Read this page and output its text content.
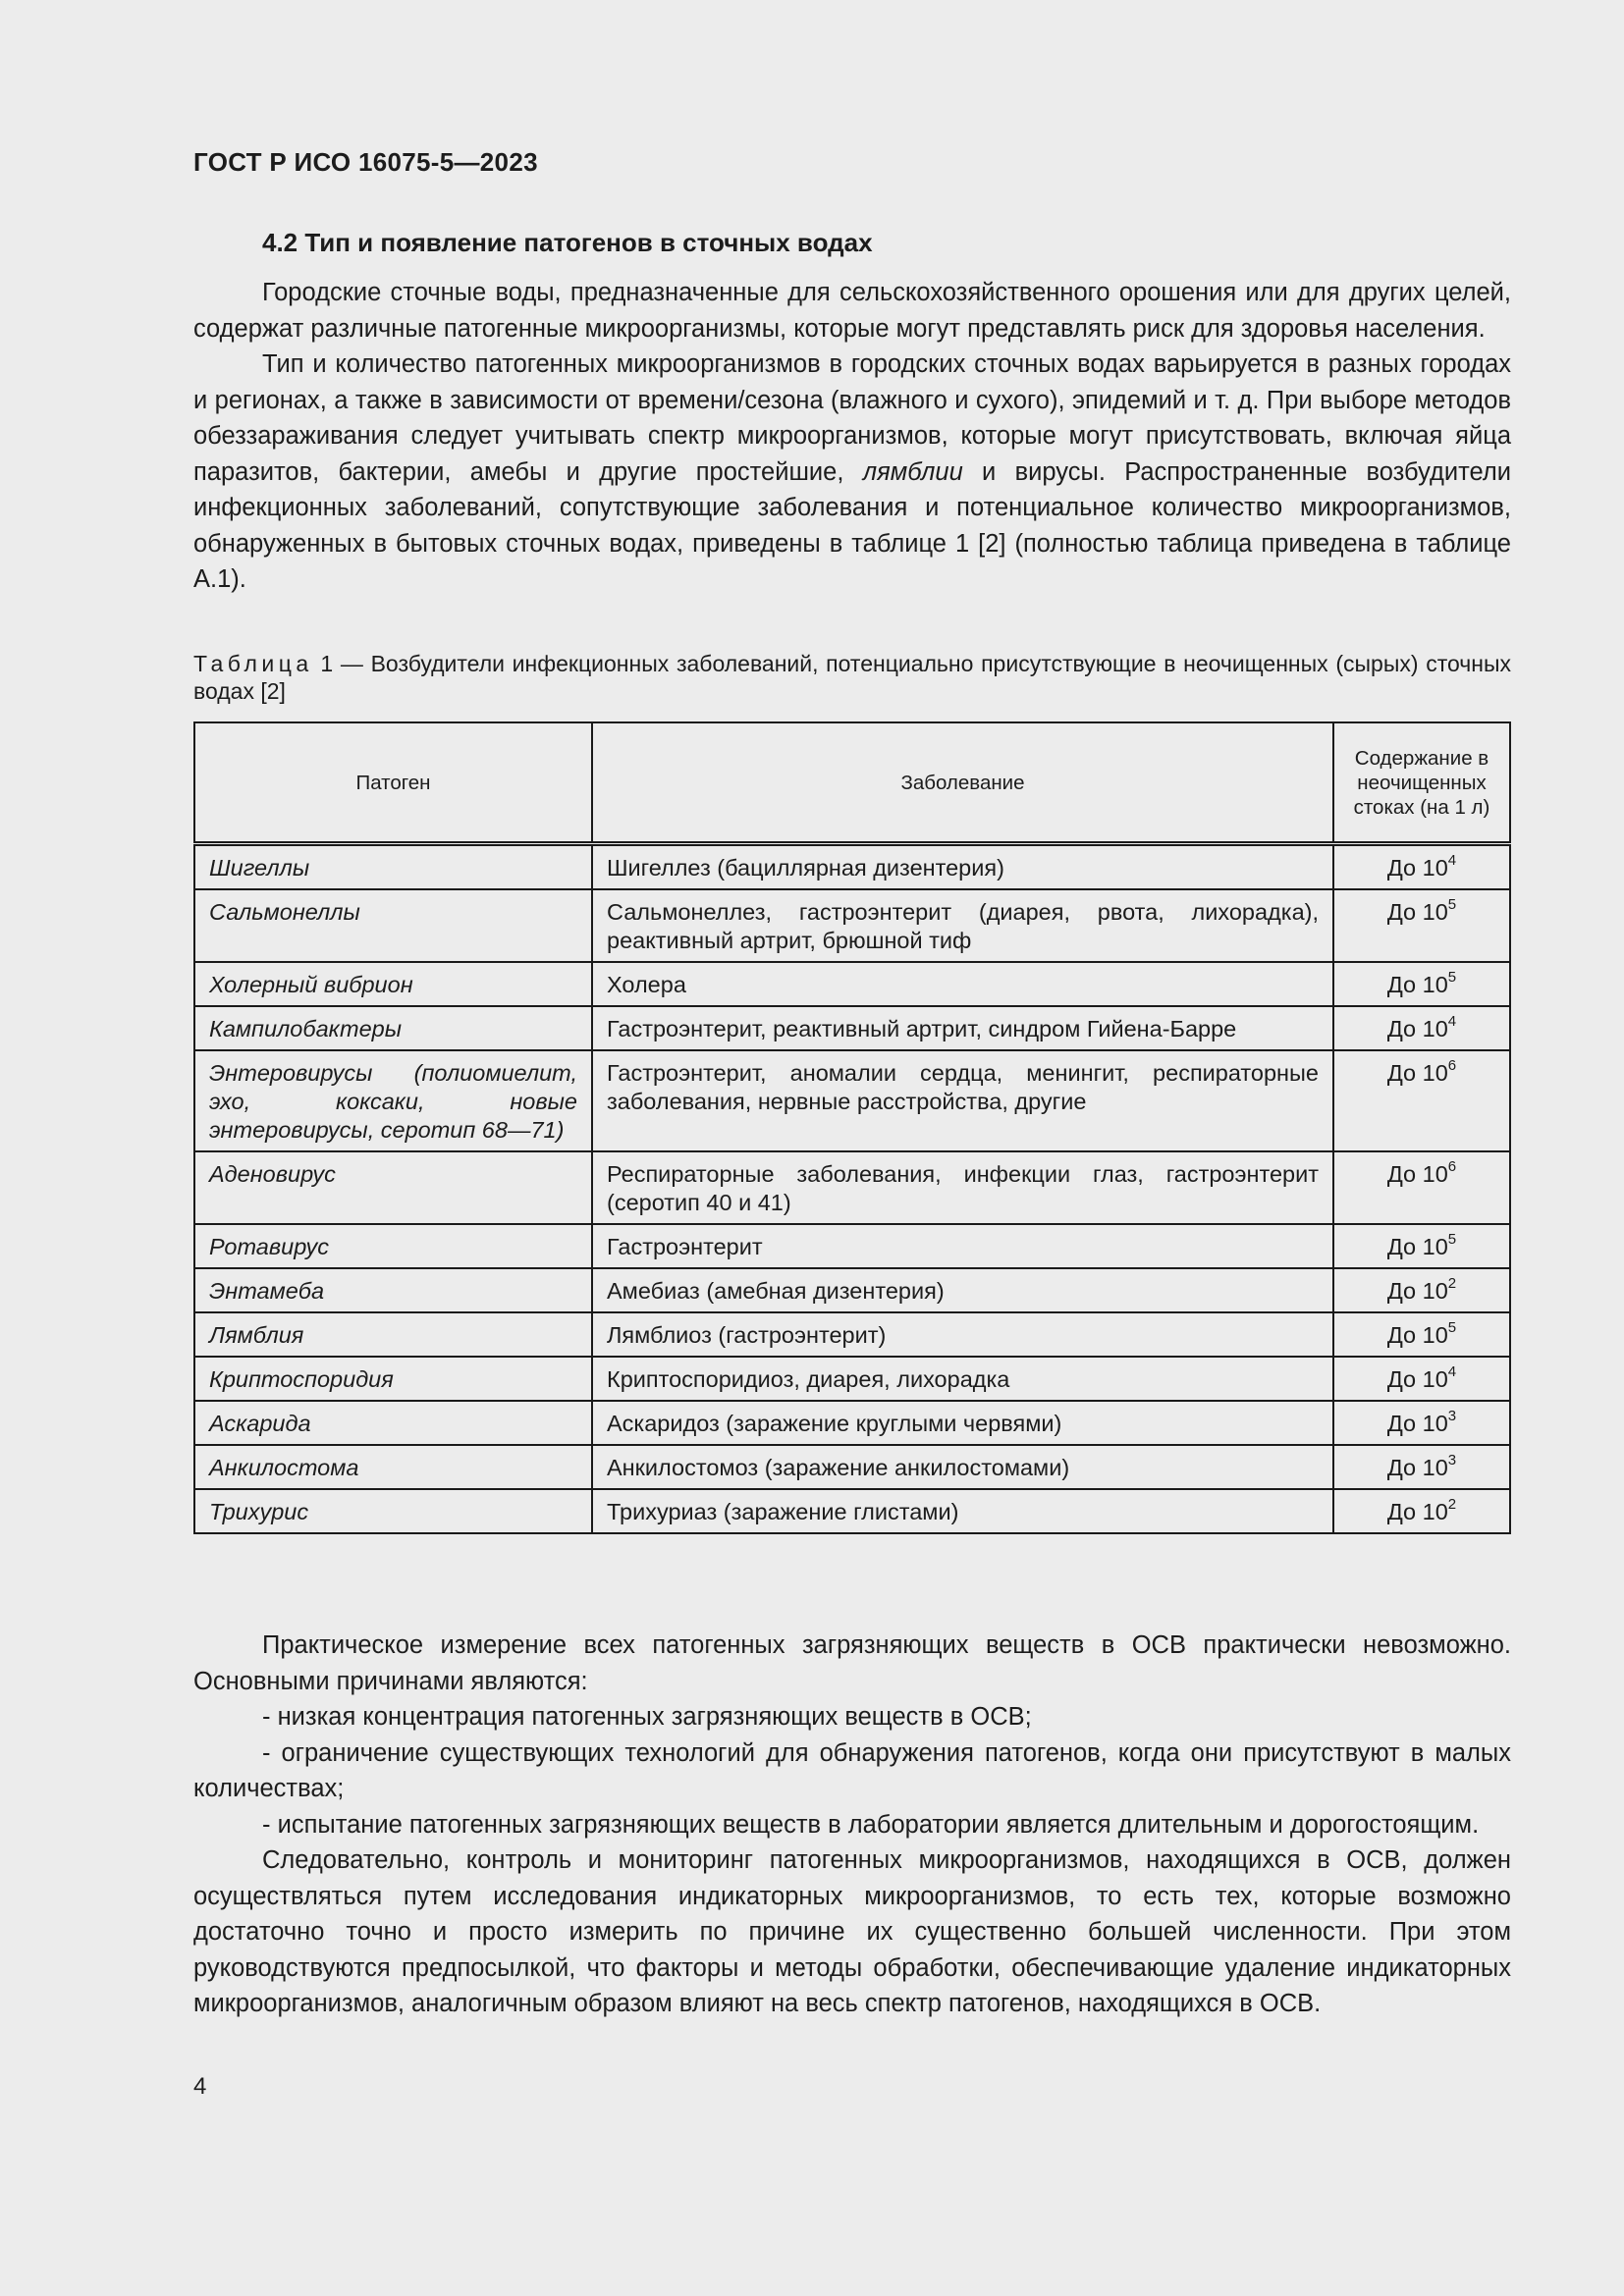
ГОСТ Р ИСО 16075-5—2023
4.2 Тип и появление патогенов в сточных водах

Городские сточные воды, предназначенные для сельскохозяйственного орошения или для других целей, содержат различные патогенные микроорганизмы, которые могут представлять риск для здоровья населения.

Тип и количество патогенных микроорганизмов в городских сточных водах варьируется в разных городах и регионах, а также в зависимости от времени/сезона (влажного и сухого), эпидемий и т. д. При выборе методов обеззараживания следует учитывать спектр микроорганизмов, которые могут присутствовать, включая яйца паразитов, бактерии, амебы и другие простейшие, лямблии и вирусы. Распространенные возбудители инфекционных заболеваний, сопутствующие заболевания и потенциальное количество микроорганизмов, обнаруженных в бытовых сточных водах, приведены в таблице 1 [2] (полностью таблица приведена в таблице А.1).

Таблица 1 — Возбудители инфекционных заболеваний, потенциально присутствующие в неочищенных (сырых) сточных водах [2]
Патоген	Заболевание	Содержание в неочищенных стоках (на 1 л)
Шигеллы	Шигеллез (бациллярная дизентерия)	До $10^4$
Сальмонеллы	Сальмонеллез, гастроэнтерит (диарея, рвота, лихорадка), реактивный артрит, брюшной тиф	До $10^5$
Холерный вибрион	Холера	До $10^5$
Кампилобактеры	Гастроэнтерит, реактивный артрит, синдром Гийена-Барре	До $10^4$
Энтеровирусы (полиомиелит, эхо, коксаки, новые энтеровирусы, серотип 68—71)	Гастроэнтерит, аномалии сердца, менингит, респираторные заболевания, нервные расстройства, другие	До $10^6$
Аденовирус	Респираторные заболевания, инфекции глаз, гастроэнтерит (серотип 40 и 41)	До $10^6$
Ротавирус	Гастроэнтерит	До $10^5$
Энтамеба	Амебиаз (амебная дизентерия)	До $10^2$
Лямблия	Лямблиоз (гастроэнтерит)	До $10^5$
Криптоспоридия	Криптоспоридиоз, диарея, лихорадка	До $10^4$
Аскарида	Аскаридоз (заражение круглыми червями)	До $10^3$
Анкилостома	Анкилостомоз (заражение анкилостомами)	До $10^3$
Трихурис	Трихуриаз (заражение глистами)	До $10^2$

Практическое измерение всех патогенных загрязняющих веществ в ОСВ практически невозможно. Основными причинами являются:

- низкая концентрация патогенных загрязняющих веществ в ОСВ;

- ограничение существующих технологий для обнаружения патогенов, когда они присутствуют в малых количествах;

- испытание патогенных загрязняющих веществ в лаборатории является длительным и дорогостоящим.

Следовательно, контроль и мониторинг патогенных микроорганизмов, находящихся в ОСВ, должен осуществляться путем исследования индикаторных микроорганизмов, то есть тех, которые возможно достаточно точно и просто измерить по причине их существенно большей численности. При этом руководствуются предпосылкой, что факторы и методы обработки, обеспечивающие удаление индикаторных микроорганизмов, аналогичным образом влияют на весь спектр патогенов, находящихся в ОСВ.

4
